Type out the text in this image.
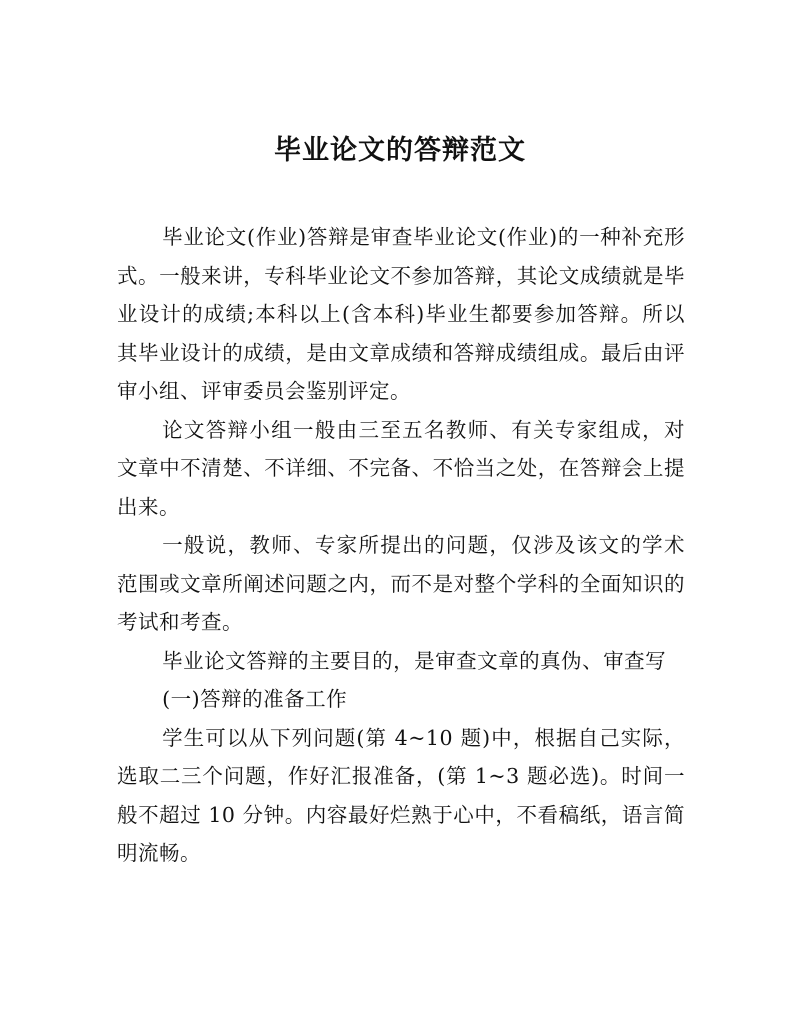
毕业论文的答辩范文

毕业论文(作业)答辩是审查毕业论文(作业)的一种补充形式。一般来讲，专科毕业论文不参加答辩，其论文成绩就是毕业设计的成绩;本科以上(含本科)毕业生都要参加答辩。所以其毕业设计的成绩，是由文章成绩和答辩成绩组成。最后由评审小组、评审委员会鉴别评定。

论文答辩小组一般由三至五名教师、有关专家组成，对文章中不清楚、不详细、不完备、不恰当之处，在答辩会上提出来。

一般说，教师、专家所提出的问题，仅涉及该文的学术范围或文章所阐述问题之内，而不是对整个学科的全面知识的考试和考查。

毕业论文答辩的主要目的，是审查文章的真伪、审查写

(一)答辩的准备工作

学生可以从下列问题(第 4~10 题)中，根据自己实际，选取二三个问题，作好汇报准备，(第 1~3 题必选)。时间一般不超过 10 分钟。内容最好烂熟于心中，不看稿纸，语言简明流畅。
